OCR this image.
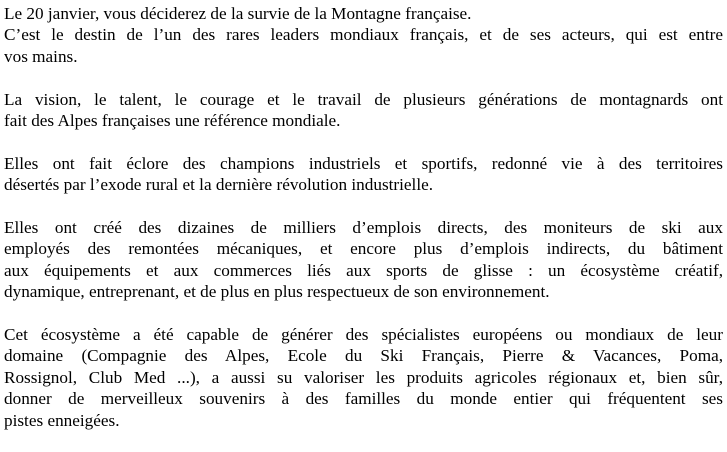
Le 20 janvier, vous déciderez de la survie de la Montagne française.
C’est le destin de l’un des rares leaders mondiaux français, et de ses acteurs, qui est entre
vos mains.

La vision, le talent, le courage et le travail de plusieurs générations de montagnards ont
fait des Alpes françaises une référence mondiale.

Elles ont fait éclore des champions industriels et sportifs, redonné vie à des territoires
désertés par l’exode rural et la dernière révolution industrielle.

Elles ont créé des dizaines de milliers d’emplois directs, des moniteurs de ski aux
employés des remontées mécaniques, et encore plus d’emplois indirects, du bâtiment
aux équipements et aux commerces liés aux sports de glisse : un écosystème créatif,
dynamique, entreprenant, et de plus en plus respectueux de son environnement.

Cet écosystème a été capable de générer des spécialistes européens ou mondiaux de leur
domaine (Compagnie des Alpes, Ecole du Ski Français, Pierre & Vacances, Poma,
Rossignol, Club Med ...), a aussi su valoriser les produits agricoles régionaux et, bien sûr,
donner de merveilleux souvenirs à des familles du monde entier qui fréquentent ses
pistes enneigées.
